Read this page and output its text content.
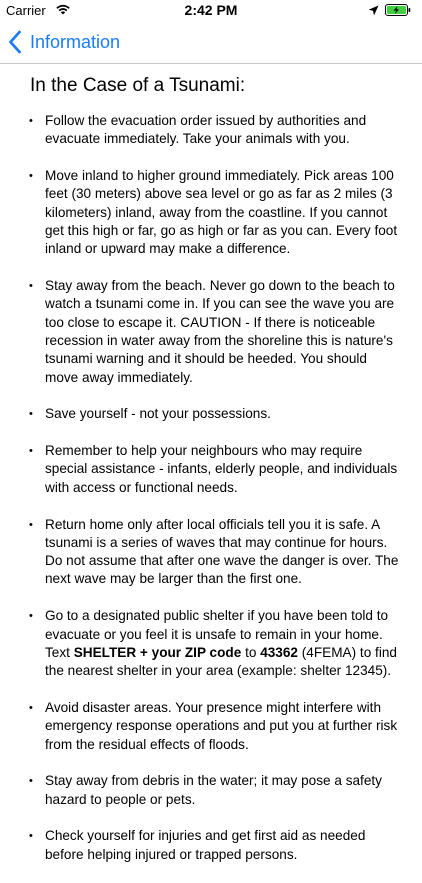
Carrier	2:42 PM
Information
In the Case of a Tsunami:
• Follow the evacuation order issued by authorities and evacuate immediately. Take your animals with you.
• Move inland to higher ground immediately. Pick areas 100 feet (30 meters) above sea level or go as far as 2 miles (3 kilometers) inland, away from the coastline. If you cannot get this high or far, go as high or far as you can. Every foot inland or upward may make a difference.
• Stay away from the beach. Never go down to the beach to watch a tsunami come in. If you can see the wave you are too close to escape it. CAUTION - If there is noticeable recession in water away from the shoreline this is nature's tsunami warning and it should be heeded. You should move away immediately.
• Save yourself - not your possessions.
• Remember to help your neighbours who may require special assistance - infants, elderly people, and individuals with access or functional needs.
• Return home only after local officials tell you it is safe. A tsunami is a series of waves that may continue for hours. Do not assume that after one wave the danger is over. The next wave may be larger than the first one.
• Go to a designated public shelter if you have been told to evacuate or you feel it is unsafe to remain in your home. Text SHELTER + your ZIP code to 43362 (4FEMA) to find the nearest shelter in your area (example: shelter 12345).
• Avoid disaster areas. Your presence might interfere with emergency response operations and put you at further risk from the residual effects of floods.
• Stay away from debris in the water; it may pose a safety hazard to people or pets.
• Check yourself for injuries and get first aid as needed before helping injured or trapped persons.
